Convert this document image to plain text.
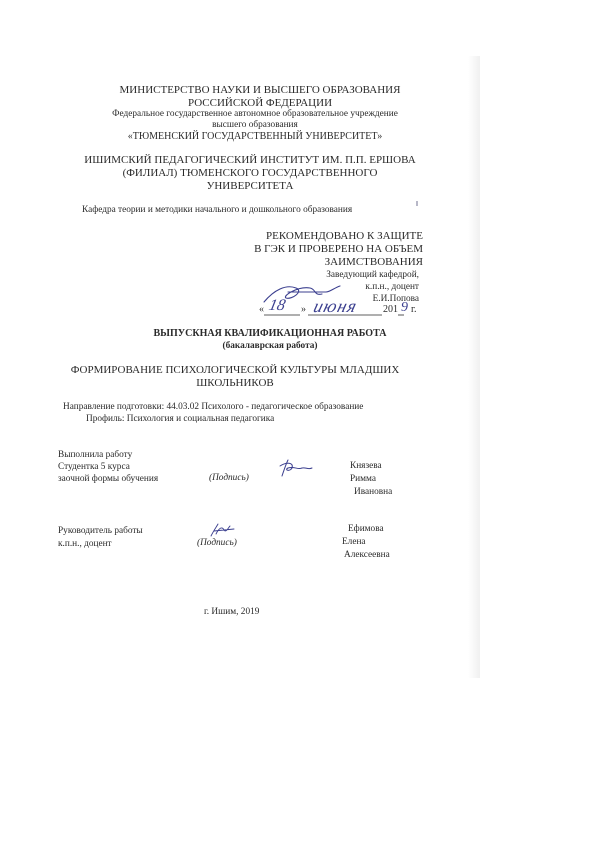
МИНИСТЕРСТВО НАУКИ И ВЫСШЕГО ОБРАЗОВАНИЯ
РОССИЙСКОЙ ФЕДЕРАЦИИ
Федеральное государственное автономное образовательное учреждение
высшего образования
«ТЮМЕНСКИЙ ГОСУДАРСТВЕННЫЙ УНИВЕРСИТЕТ»
ИШИМСКИЙ ПЕДАГОГИЧЕСКИЙ ИНСТИТУТ ИМ. П.П. ЕРШОВА
(ФИЛИАЛ) ТЮМЕНСКОГО ГОСУДАРСТВЕННОГО
УНИВЕРСИТЕТА
Кафедра теории и методики начального и дошкольного образования
РЕКОМЕНДОВАНО К ЗАЩИТЕ
В ГЭК И ПРОВЕРЕНО НА ОБЪЕМ
ЗАИМСТВОВАНИЯ
Заведующий кафедрой,
к.п.н., доцент
Е.И.Попова
«	»	201 г.
18 июня	9
ВЫПУСКНАЯ КВАЛИФИКАЦИОННАЯ РАБОТА
(бакалаврская работа)
ФОРМИРОВАНИЕ ПСИХОЛОГИЧЕСКОЙ КУЛЬТУРЫ МЛАДШИХ
ШКОЛЬНИКОВ
Направление подготовки: 44.03.02 Психолого - педагогическое образование
Профиль: Психология и социальная педагогика
Выполнила работу
Студентка 5 курса
заочной формы обучения	(Подпись)
Князева
Римма
Ивановна
Руководитель работы
к.п.н., доцент	(Подпись)
Ефимова
Елена
Алексеевна
г. Ишим, 2019
